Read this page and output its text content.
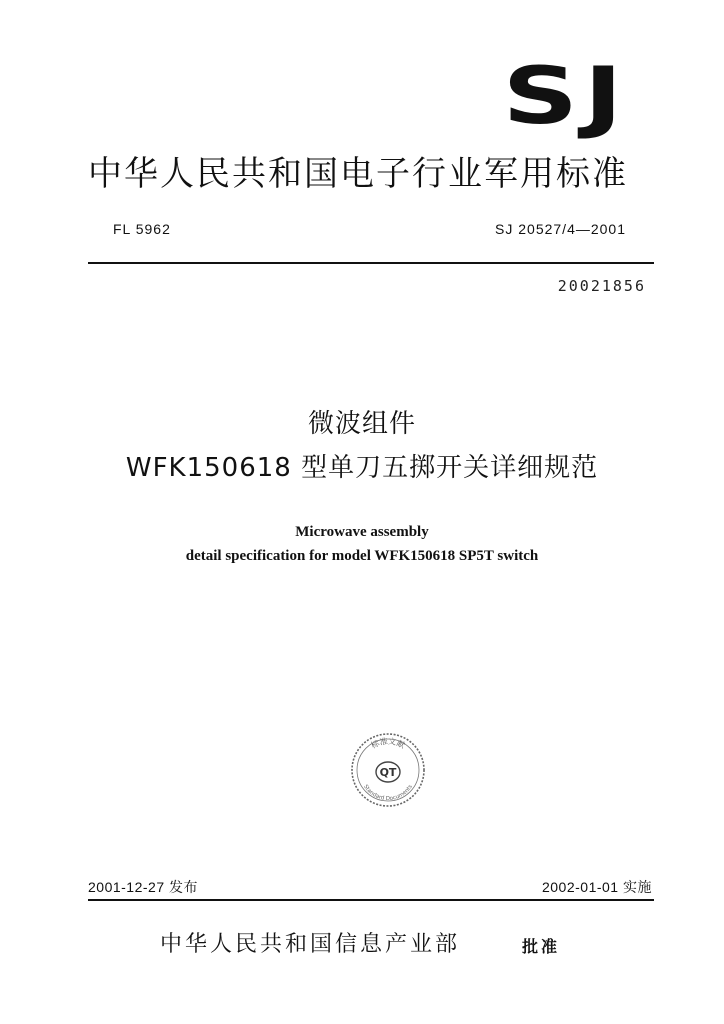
SJ
中华人民共和国电子行业军用标准
FL 5962	SJ 20527/4—2001
20021856
微波组件
WFK150618 型单刀五掷开关详细规范
Microwave assembly
detail specification for model WFK150618 SP5T switch
标准文献
QT
Standard Documents
2001-12-27 发布	2002-01-01 实施
中华人民共和国信息产业部	批准
